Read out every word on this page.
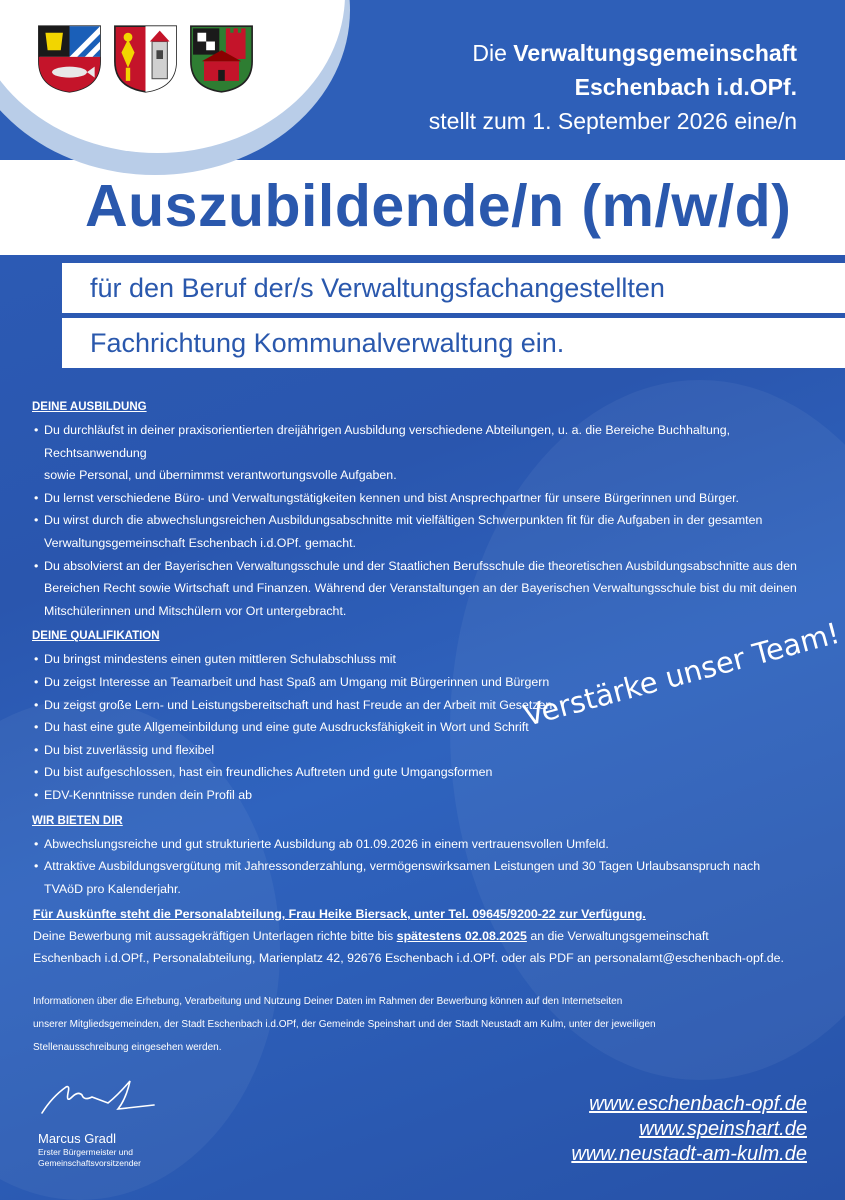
Die Verwaltungsgemeinschaft
Eschenbach i.d.OPf.
stellt zum 1. September 2026 eine/n
Auszubildende/n (m/w/d)
für den Beruf der/s Verwaltungsfachangestellten
Fachrichtung Kommunalverwaltung ein.
DEINE AUSBILDUNG
• Du durchläufst in deiner praxisorientierten dreijährigen Ausbildung verschiedene Abteilungen, u. a. die Bereiche Buchhaltung, Rechtsanwendung
sowie Personal, und übernimmst verantwortungsvolle Aufgaben.
• Du lernst verschiedene Büro- und Verwaltungstätigkeiten kennen und bist Ansprechpartner für unsere Bürgerinnen und Bürger.
• Du wirst durch die abwechslungsreichen Ausbildungsabschnitte mit vielfältigen Schwerpunkten fit für die Aufgaben in der gesamten
Verwaltungsgemeinschaft Eschenbach i.d.OPf. gemacht.
• Du absolvierst an der Bayerischen Verwaltungsschule und der Staatlichen Berufsschule die theoretischen Ausbildungsabschnitte aus den
Bereichen Recht sowie Wirtschaft und Finanzen. Während der Veranstaltungen an der Bayerischen Verwaltungsschule bist du mit deinen
Mitschülerinnen und Mitschülern vor Ort untergebracht.
DEINE QUALIFIKATION
• Du bringst mindestens einen guten mittleren Schulabschluss mit
• Du zeigst Interesse an Teamarbeit und hast Spaß am Umgang mit Bürgerinnen und Bürgern
• Du zeigst große Lern- und Leistungsbereitschaft und hast Freude an der Arbeit mit Gesetzen
• Du hast eine gute Allgemeinbildung und eine gute Ausdrucksfähigkeit in Wort und Schrift
• Du bist zuverlässig und flexibel
• Du bist aufgeschlossen, hast ein freundliches Auftreten und gute Umgangsformen
• EDV-Kenntnisse runden dein Profil ab
WIR BIETEN DIR
• Abwechslungsreiche und gut strukturierte Ausbildung ab 01.09.2026 in einem vertrauensvollen Umfeld.
• Attraktive Ausbildungsvergütung mit Jahressonderzahlung, vermögenswirksamen Leistungen und 30 Tagen Urlaubsanspruch nach
TVAöD pro Kalenderjahr.
Verstärke unser Team!
Für Auskünfte steht die Personalabteilung, Frau Heike Biersack, unter Tel. 09645/9200-22 zur Verfügung.
Deine Bewerbung mit aussagekräftigen Unterlagen richte bitte bis spätestens 02.08.2025 an die Verwaltungsgemeinschaft
Eschenbach i.d.OPf., Personalabteilung, Marienplatz 42, 92676 Eschenbach i.d.OPf. oder als PDF an personalamt@eschenbach-opf.de.
Informationen über die Erhebung, Verarbeitung und Nutzung Deiner Daten im Rahmen der Bewerbung können auf den Internetseiten
unserer Mitgliedsgemeinden, der Stadt Eschenbach i.d.OPf, der Gemeinde Speinshart und der Stadt Neustadt am Kulm, unter der jeweiligen
Stellenausschreibung eingesehen werden.
Marcus Gradl
Erster Bürgermeister und
Gemeinschaftsvorsitzender
www.eschenbach-opf.de
www.speinshart.de
www.neustadt-am-kulm.de
